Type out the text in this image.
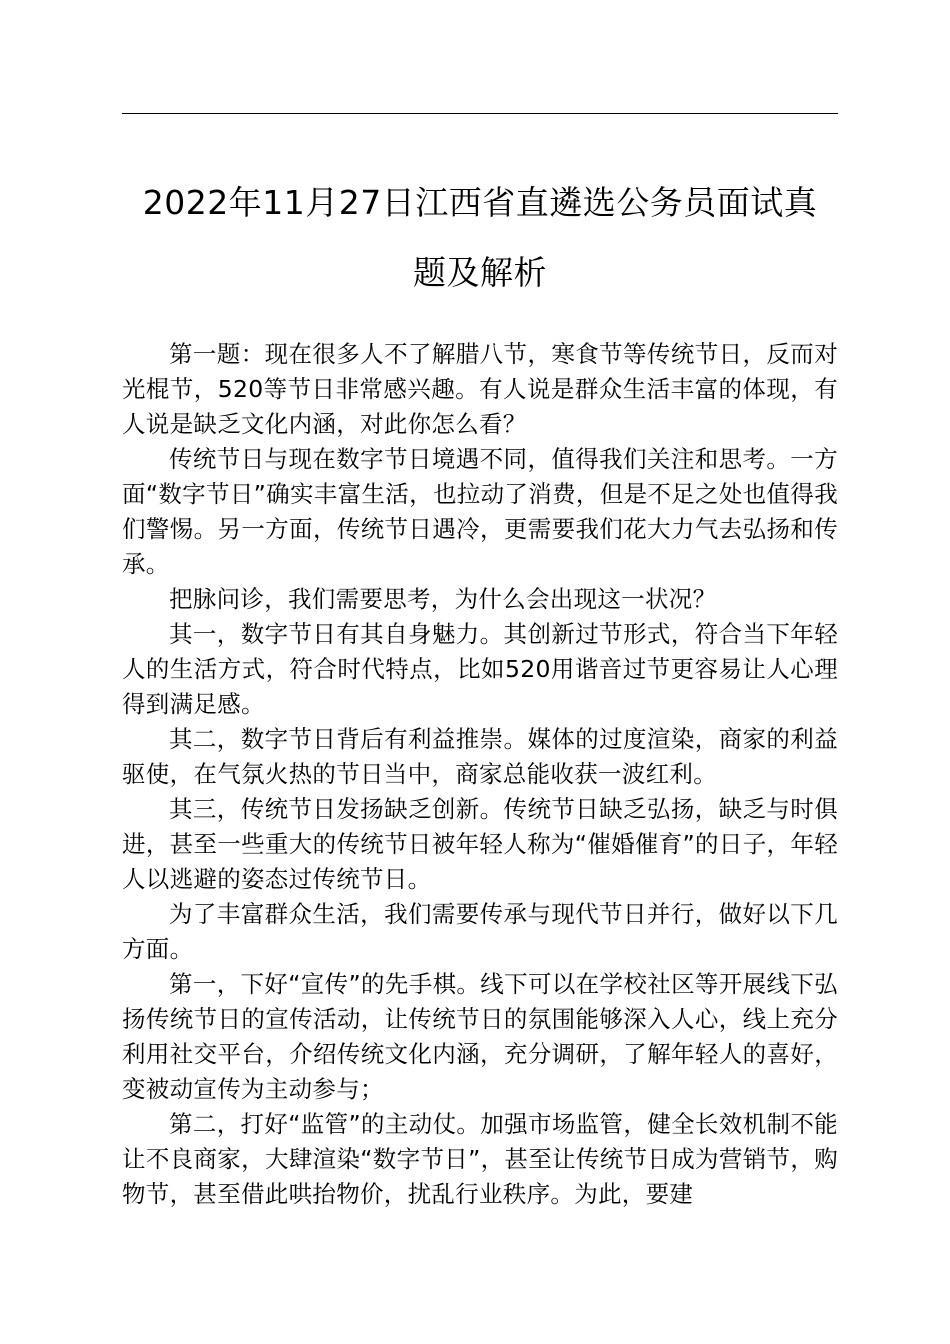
2022年11月27日江西省直遴选公务员面试真
题及解析

第一题：现在很多人不了解腊八节，寒食节等传统节日，反而对光棍节，520等节日非常感兴趣。有人说是群众生活丰富的体现，有人说是缺乏文化内涵，对此你怎么看？

传统节日与现在数字节日境遇不同，值得我们关注和思考。一方面“数字节日”确实丰富生活，也拉动了消费，但是不足之处也值得我们警惕。另一方面，传统节日遇冷，更需要我们花大力气去弘扬和传承。

把脉问诊，我们需要思考，为什么会出现这一状况？

其一，数字节日有其自身魅力。其创新过节形式，符合当下年轻人的生活方式，符合时代特点，比如520用谐音过节更容易让人心理得到满足感。

其二，数字节日背后有利益推崇。媒体的过度渲染，商家的利益驱使，在气氛火热的节日当中，商家总能收获一波红利。

其三，传统节日发扬缺乏创新。传统节日缺乏弘扬，缺乏与时俱进，甚至一些重大的传统节日被年轻人称为“催婚催育”的日子，年轻人以逃避的姿态过传统节日。

为了丰富群众生活，我们需要传承与现代节日并行，做好以下几方面。

第一，下好“宣传”的先手棋。线下可以在学校社区等开展线下弘扬传统节日的宣传活动，让传统节日的氛围能够深入人心，线上充分利用社交平台，介绍传统文化内涵，充分调研，了解年轻人的喜好，变被动宣传为主动参与；

第二，打好“监管”的主动仗。加强市场监管，健全长效机制不能让不良商家，大肆渲染“数字节日”，甚至让传统节日成为营销节，购物节，甚至借此哄抬物价，扰乱行业秩序。为此，要建
